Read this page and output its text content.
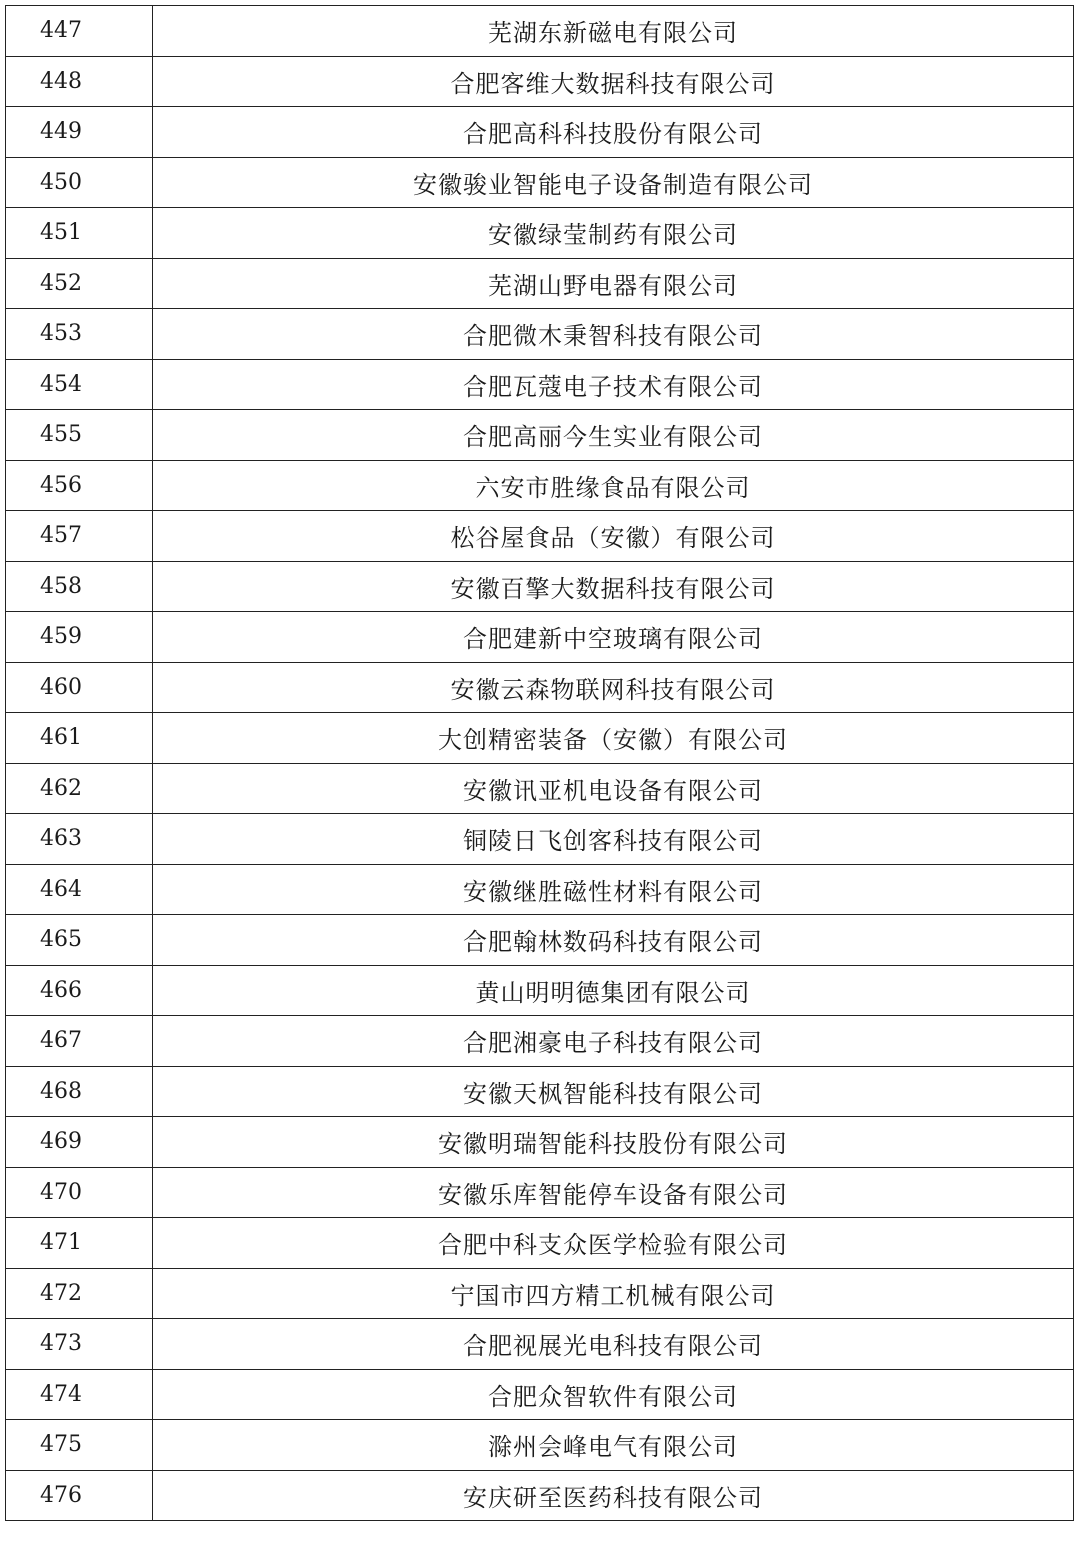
447	芜湖东新磁电有限公司
448	合肥客维大数据科技有限公司
449	合肥高科科技股份有限公司
450	安徽骏业智能电子设备制造有限公司
451	安徽绿莹制药有限公司
452	芜湖山野电器有限公司
453	合肥微木秉智科技有限公司
454	合肥瓦蔻电子技术有限公司
455	合肥高丽今生实业有限公司
456	六安市胜缘食品有限公司
457	松谷屋食品（安徽）有限公司
458	安徽百擎大数据科技有限公司
459	合肥建新中空玻璃有限公司
460	安徽云森物联网科技有限公司
461	大创精密装备（安徽）有限公司
462	安徽讯亚机电设备有限公司
463	铜陵日飞创客科技有限公司
464	安徽继胜磁性材料有限公司
465	合肥翰林数码科技有限公司
466	黄山明明德集团有限公司
467	合肥湘豪电子科技有限公司
468	安徽天枫智能科技有限公司
469	安徽明瑞智能科技股份有限公司
470	安徽乐库智能停车设备有限公司
471	合肥中科支众医学检验有限公司
472	宁国市四方精工机械有限公司
473	合肥视展光电科技有限公司
474	合肥众智软件有限公司
475	滁州会峰电气有限公司
476	安庆研至医药科技有限公司
